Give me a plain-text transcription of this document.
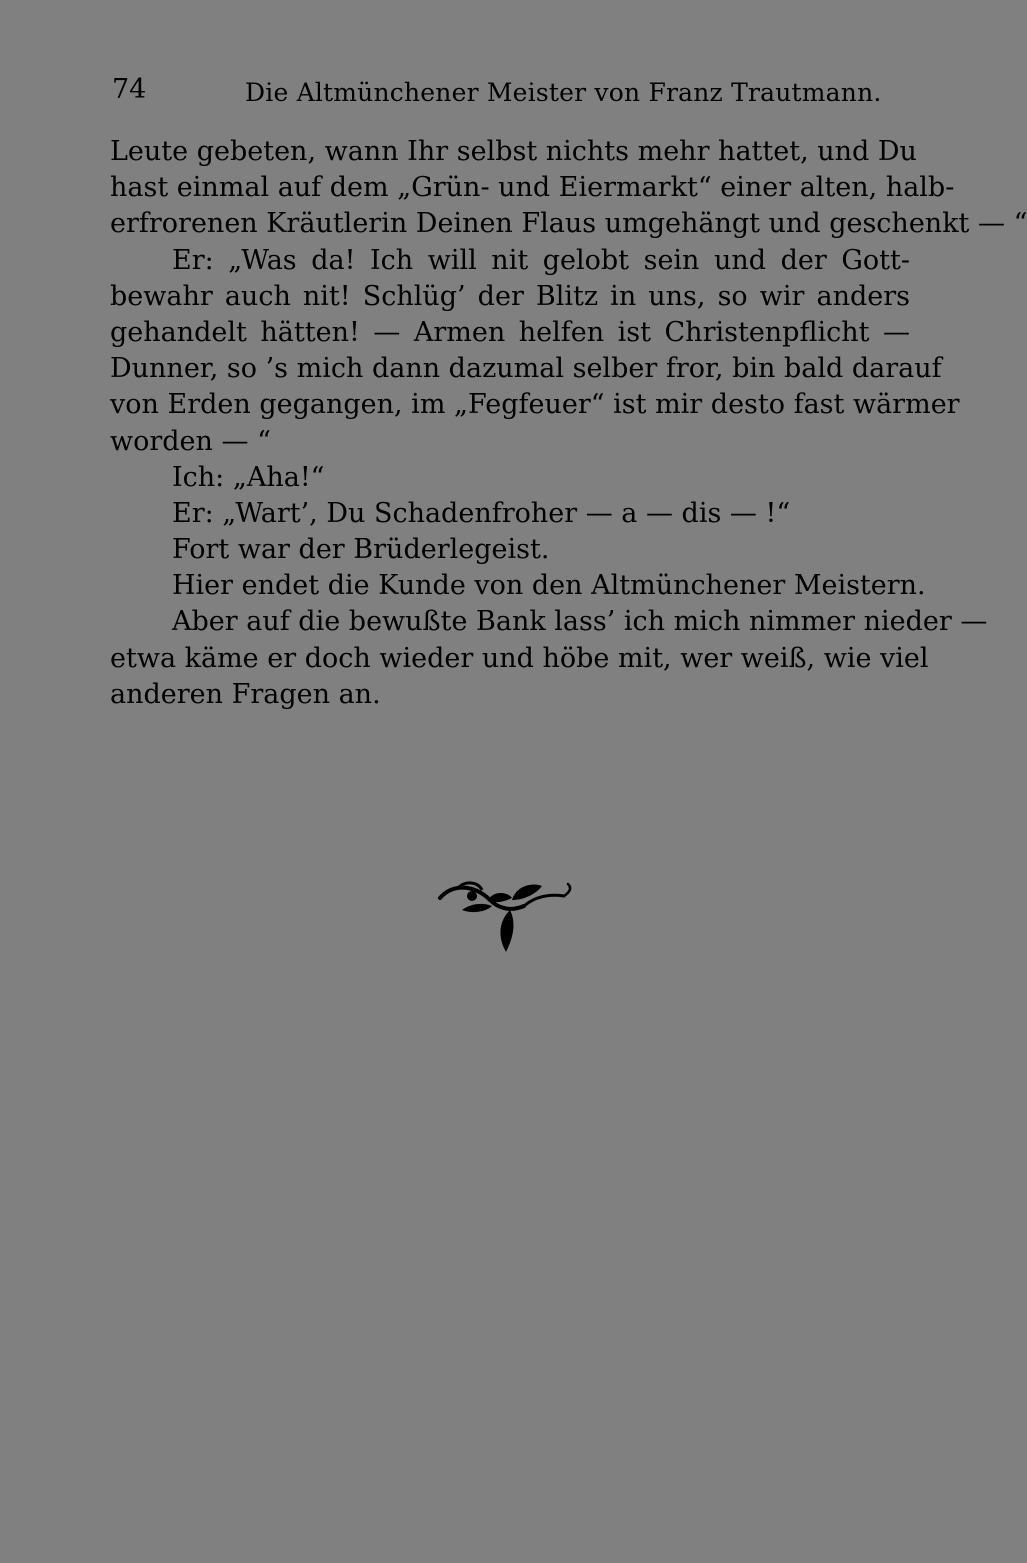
74	Die Altmünchener Meister von Franz Trautmann.
Leute gebeten, wann Ihr selbst nichts mehr hattet, und Du
hast einmal auf dem „Grün- und Eiermarkt“ einer alten, halb-
erfrorenen Kräutlerin Deinen Flaus umgehängt und geschenkt — “
Er: „Was da! Ich will nit gelobt sein und der Gott-
bewahr auch nit! Schlüg’ der Blitz in uns, so wir anders
gehandelt hätten! — Armen helfen ist Christenpflicht —
Dunner, so ’s mich dann dazumal selber fror, bin bald darauf
von Erden gegangen, im „Fegfeuer“ ist mir desto fast wärmer
worden — “
Ich: „Aha!“
Er: „Wart’, Du Schadenfroher — a — dis — !“
Fort war der Brüderlegeist.
Hier endet die Kunde von den Altmünchener Meistern.
Aber auf die bewußte Bank lass’ ich mich nimmer nieder —
etwa käme er doch wieder und höbe mit, wer weiß, wie viel
anderen Fragen an.
